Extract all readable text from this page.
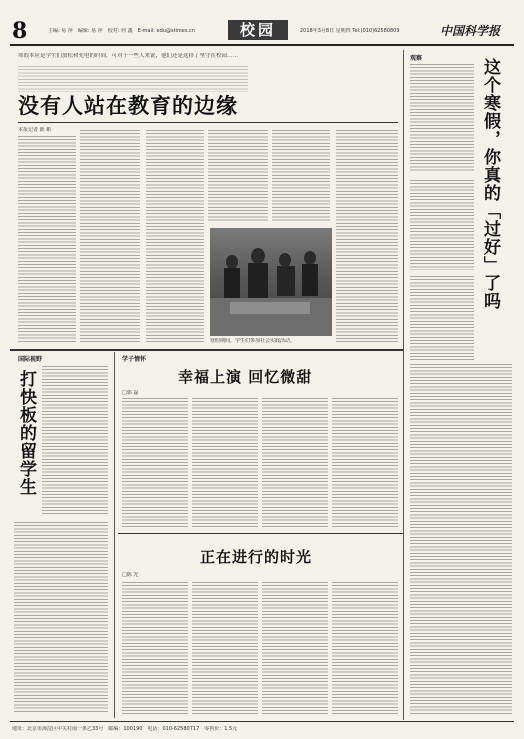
8	主编: 易 萍　编辑: 易 萍　校对: 何 鑫　E-mail: edu@stimes.cn	校园	2018年3月8日 星期四 Tel:(010)62580809	中国科学报
寒假本应是学生们放松和充电的时间，可对于一些人来说，他们还是选择了坚守在校园……
没有人站在教育的边缘
本报记者 陈 彬
寒假期间，学生们参加社会实践活动。
观察	这个寒假，你真的「过好」了吗
国际视野
打快板的留学生
学子情怀
幸福上演 回忆微甜
□郭 磊
正在进行的时光
□陈 光
地址：北京市海淀区中关村南一条乙33号　邮编：100190　电话：010-62580717　零售价：1.5元
